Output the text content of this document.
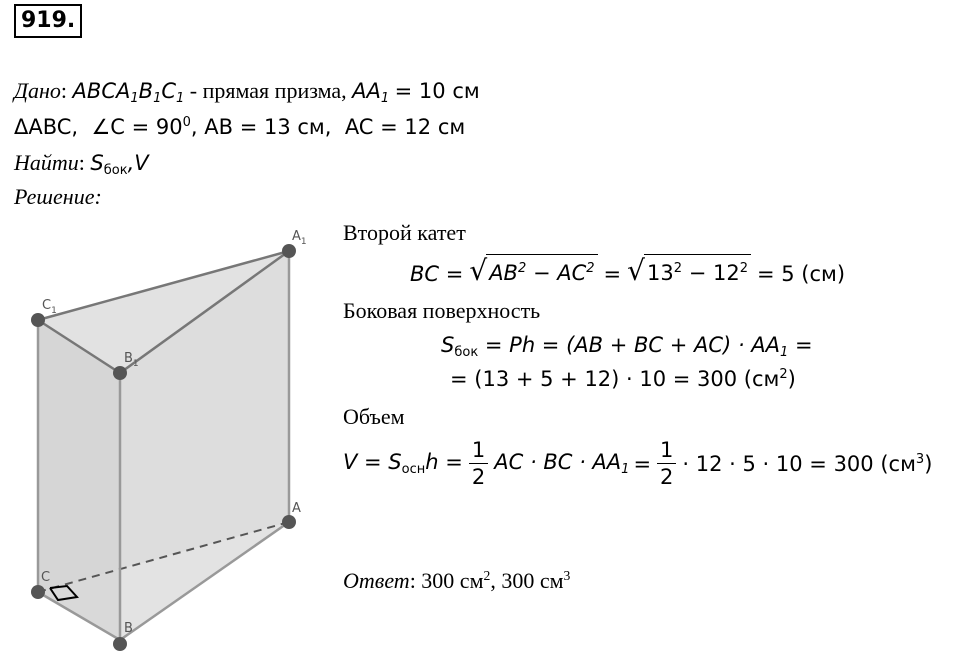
919.
Дано: $ABCA_1B_1C_1$ - прямая призма, $AA_1 = 10$ см
ΔABC, ∠C = $90^0$, AB = 13 см, AC = 12 см
Найти: $S_{бок},V$
Решение:
$A_1$
$C_1$
$B_1$
A
C
B
Второй катет
BC = √ $AB^2 - AC^2$ = √ $13^2 - 12^2 = 5$ (см)
Боковая поверхность
$S_{бок} = Ph = (AB$ + BC + $AC) \cdot AA_1$ =
= (13 + 5 + 12) · 10 = 300 $(см^2)$
Объем
$V = S_{осн}h = \frac{1}{2}$ AC · BC · $AA_1 = \frac{1}{2} \cdot 12 \cdot 5 \cdot 10 = 300$ $(см^3)$
Ответ: 300 $см^2$, 300 $см^3$
